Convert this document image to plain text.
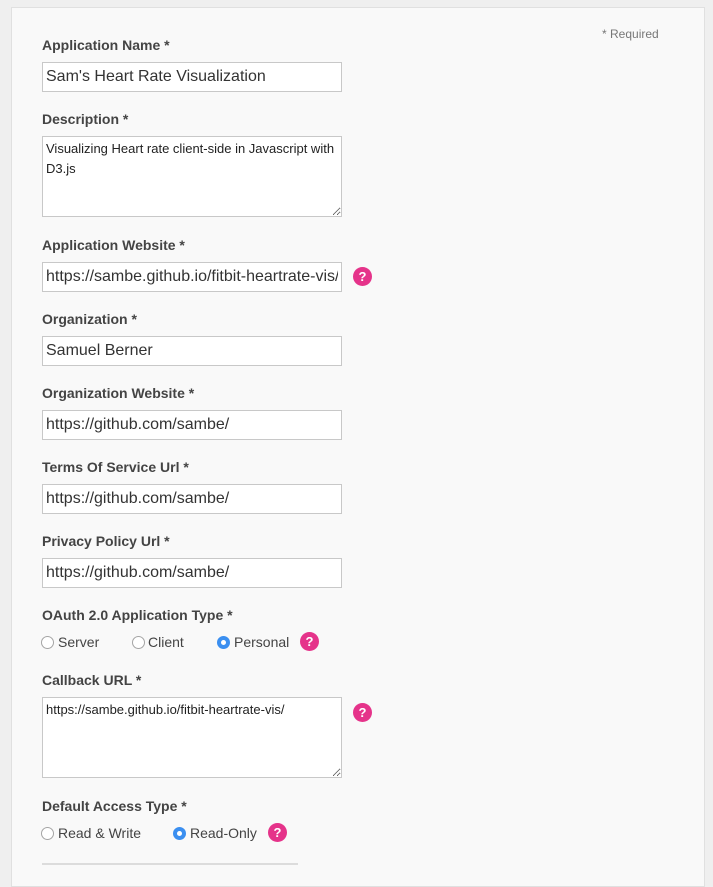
* Required
Application Name *
Sam's Heart Rate Visualization
Description *
Visualizing Heart rate client-side in Javascript with D3.js
Application Website *
https://sambe.github.io/fitbit-heartrate-vis/
?
Organization *
Samuel Berner
Organization Website *
https://github.com/sambe/
Terms Of Service Url *
https://github.com/sambe/
Privacy Policy Url *
https://github.com/sambe/
OAuth 2.0 Application Type *
Server	Client	Personal	?
Callback URL *
https://sambe.github.io/fitbit-heartrate-vis/
?
Default Access Type *
Read & Write	Read-Only	?
